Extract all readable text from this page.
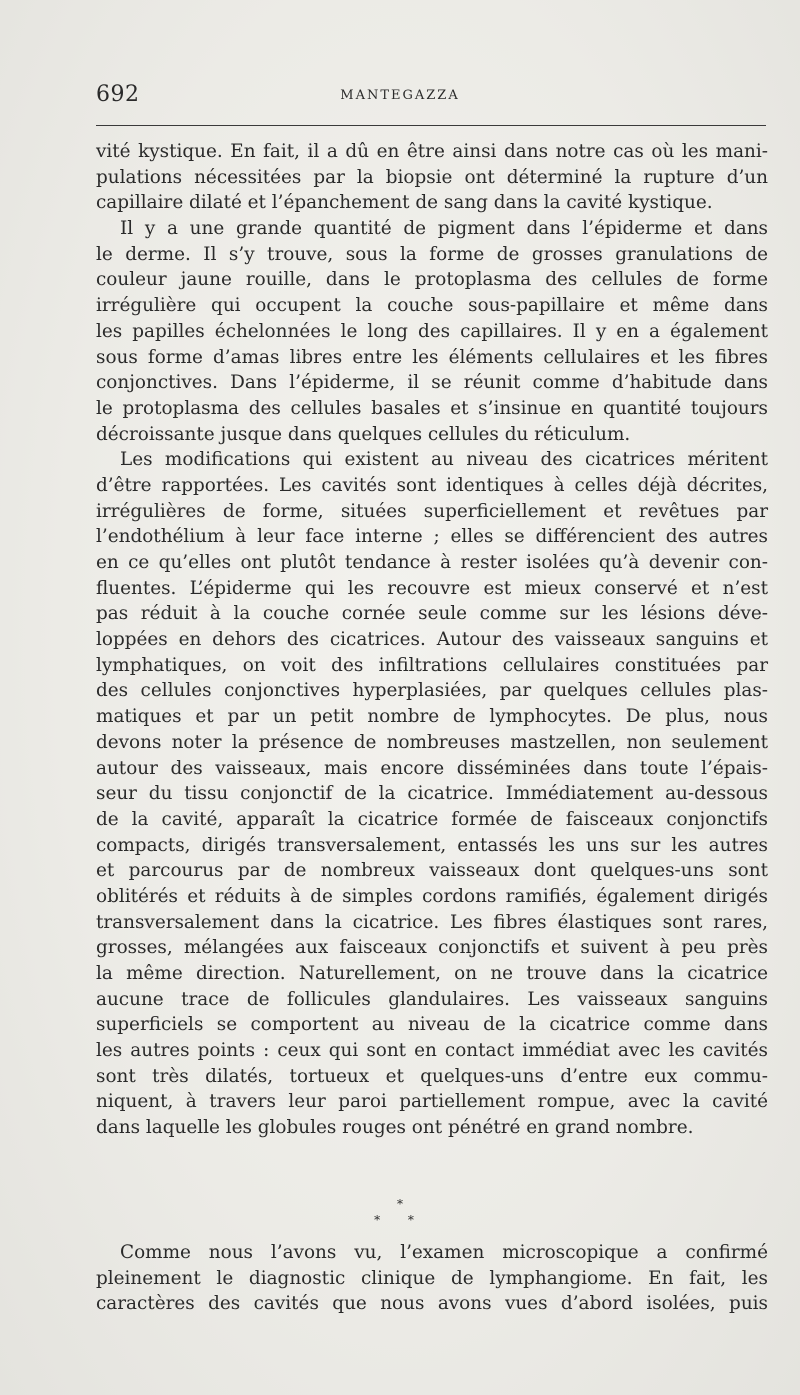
692	MANTEGAZZA
vité kystique. En fait, il a dû en être ainsi dans notre cas où les mani-
pulations nécessitées par la biopsie ont déterminé la rupture d’un
capillaire dilaté et l’épanchement de sang dans la cavité kystique.
Il y a une grande quantité de pigment dans l’épiderme et dans
le derme. Il s’y trouve, sous la forme de grosses granulations de
couleur jaune rouille, dans le protoplasma des cellules de forme
irrégulière qui occupent la couche sous-papillaire et même dans
les papilles échelonnées le long des capillaires. Il y en a également
sous forme d’amas libres entre les éléments cellulaires et les fibres
conjonctives. Dans l’épiderme, il se réunit comme d’habitude dans
le protoplasma des cellules basales et s’insinue en quantité toujours
décroissante jusque dans quelques cellules du réticulum.
Les modifications qui existent au niveau des cicatrices méritent
d’être rapportées. Les cavités sont identiques à celles déjà décrites,
irrégulières de forme, situées superficiellement et revêtues par
l’endothélium à leur face interne ; elles se différencient des autres
en ce qu’elles ont plutôt tendance à rester isolées qu’à devenir con-
fluentes. L’épiderme qui les recouvre est mieux conservé et n’est
pas réduit à la couche cornée seule comme sur les lésions déve-
loppées en dehors des cicatrices. Autour des vaisseaux sanguins et
lymphatiques, on voit des infiltrations cellulaires constituées par
des cellules conjonctives hyperplasiées, par quelques cellules plas-
matiques et par un petit nombre de lymphocytes. De plus, nous
devons noter la présence de nombreuses mastzellen, non seulement
autour des vaisseaux, mais encore disséminées dans toute l’épais-
seur du tissu conjonctif de la cicatrice. Immédiatement au-dessous
de la cavité, apparaît la cicatrice formée de faisceaux conjonctifs
compacts, dirigés transversalement, entassés les uns sur les autres
et parcourus par de nombreux vaisseaux dont quelques-uns sont
oblitérés et réduits à de simples cordons ramifiés, également dirigés
transversalement dans la cicatrice. Les fibres élastiques sont rares,
grosses, mélangées aux faisceaux conjonctifs et suivent à peu près
la même direction. Naturellement, on ne trouve dans la cicatrice
aucune trace de follicules glandulaires. Les vaisseaux sanguins
superficiels se comportent au niveau de la cicatrice comme dans
les autres points : ceux qui sont en contact immédiat avec les cavités
sont très dilatés, tortueux et quelques-uns d’entre eux commu-
niquent, à travers leur paroi partiellement rompue, avec la cavité
dans laquelle les globules rouges ont pénétré en grand nombre.
*
* *
Comme nous l’avons vu, l’examen microscopique a confirmé
pleinement le diagnostic clinique de lymphangiome. En fait, les
caractères des cavités que nous avons vues d’abord isolées, puis
